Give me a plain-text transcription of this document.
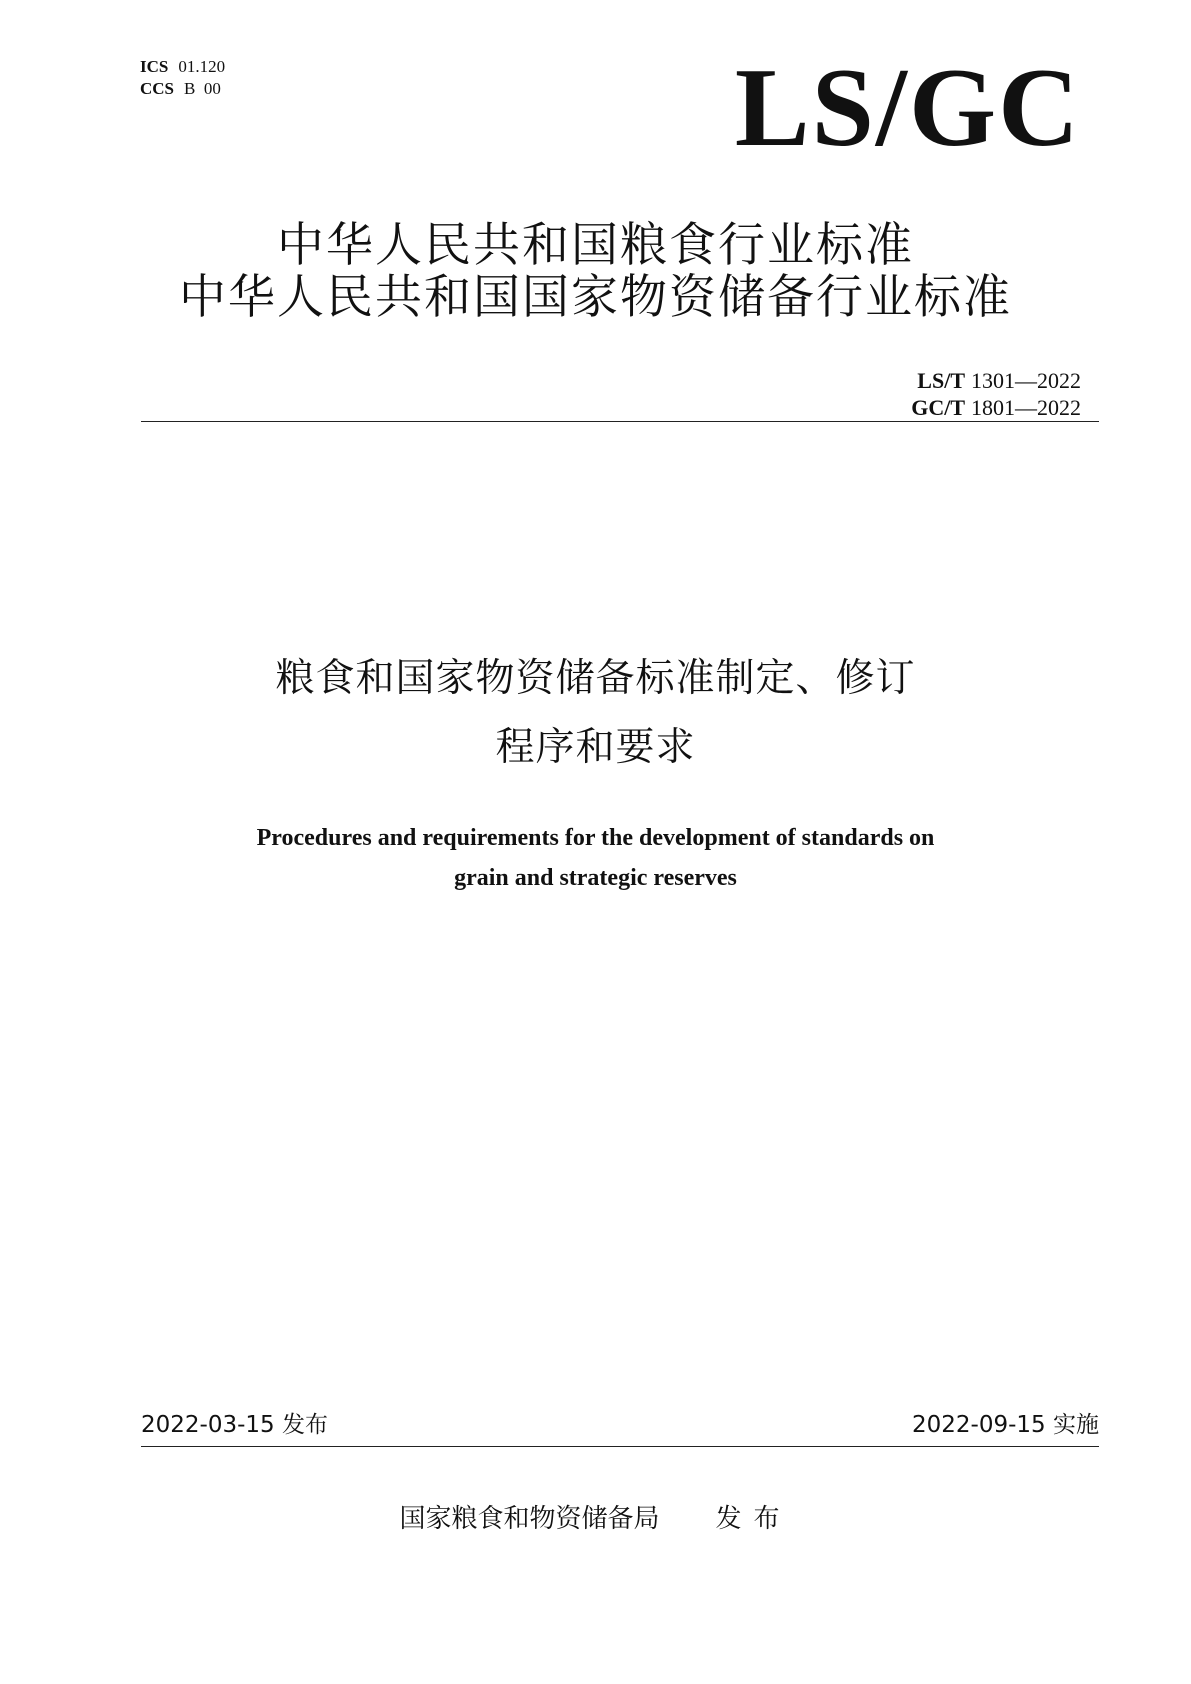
ICS 01.120
CCS B  00	LS/GC
中华人民共和国粮食行业标准
中华人民共和国国家物资储备行业标准
LS/T 1301—2022
GC/T 1801—2022
粮食和国家物资储备标准制定、修订
程序和要求
Procedures and requirements for the development of standards on
grain and strategic reserves
2022-03-15 发布	2022-09-15 实施
国家粮食和物资储备局 发布
